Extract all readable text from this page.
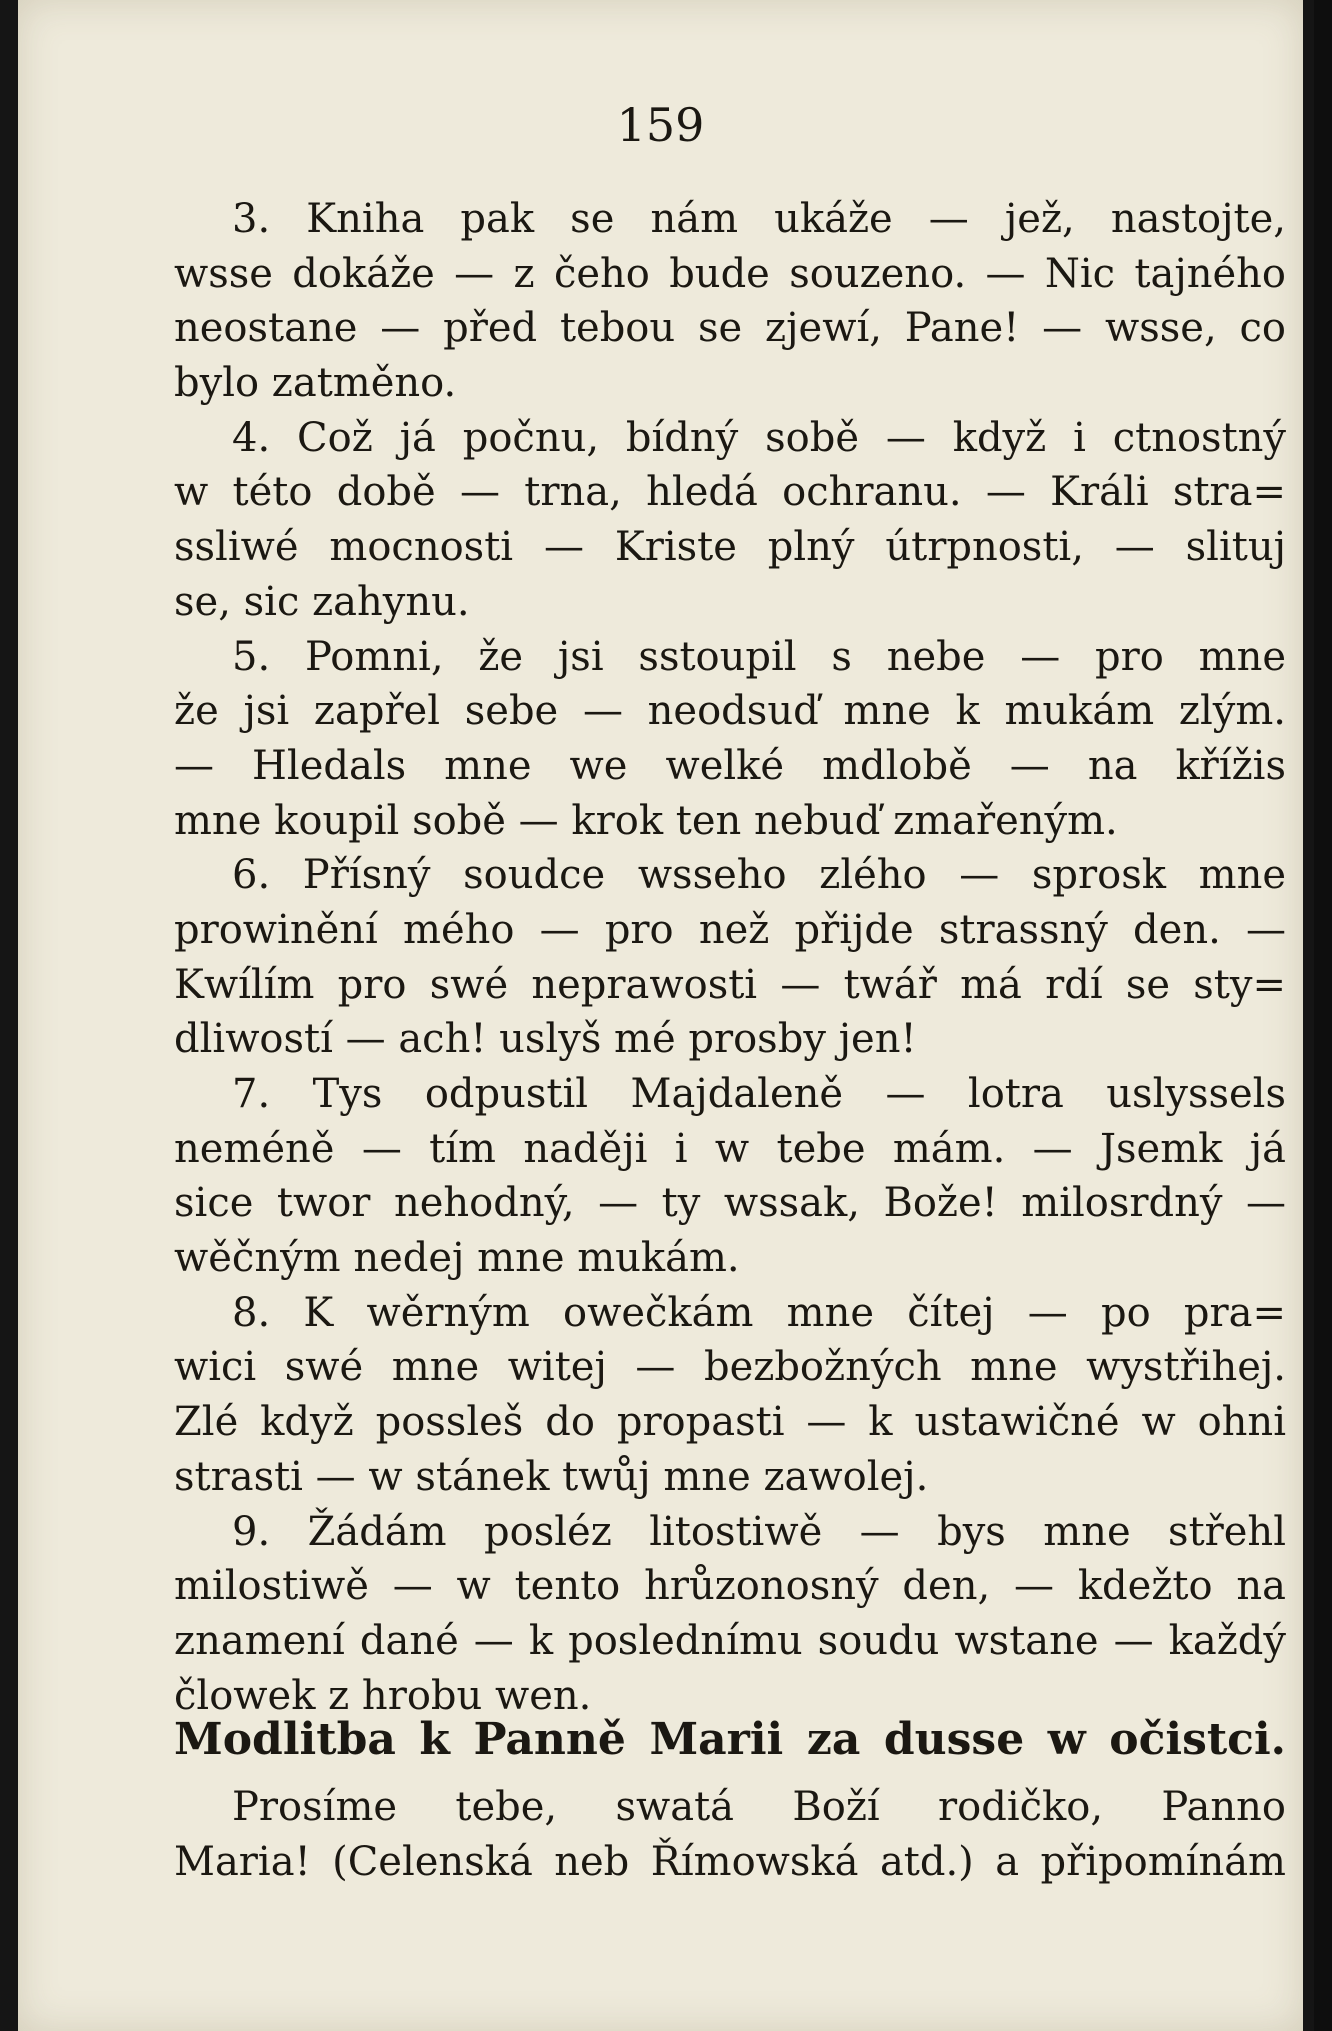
159
3. Kniha pak se nám ukáže — jež, nastojte,
wsse dokáže — z čeho bude souzeno. — Nic tajného
neostane — před tebou se zjewí, Pane! — wsse, co
bylo zatměno.
4. Což já počnu, bídný sobě — když i ctnostný
w této době — trna, hledá ochranu. — Králi stra=
ssliwé mocnosti — Kriste plný útrpnosti, — slituj
se, sic zahynu.
5. Pomni, že jsi sstoupil s nebe — pro mne
že jsi zapřel sebe — neodsuď mne k mukám zlým.
— Hledals mne we welké mdlobě — na křížis
mne koupil sobě — krok ten nebuď zmařeným.
6. Přísný soudce wsseho zlého — sprosk mne
prowinění mého — pro než přijde strassný den. —
Kwílím pro swé neprawosti — twář má rdí se sty=
dliwostí — ach! uslyš mé prosby jen!
7. Tys odpustil Majdaleně — lotra uslyssels
neméně — tím naději i w tebe mám. — Jsemk já
sice twor nehodný, — ty wssak, Bože! milosrdný —
wěčným nedej mne mukám.
8. K wěrným owečkám mne čítej — po pra=
wici swé mne witej — bezbožných mne wystřihej.
Zlé když possleš do propasti — k ustawičné w ohni
strasti — w stánek twůj mne zawolej.
9. Žádám posléz litostiwě — bys mne střehl
milostiwě — w tento hrůzonosný den, — kdežto na
znamení dané — k poslednímu soudu wstane — každý
člowek z hrobu wen.
Modlitba k Panně Marii za dusse w očistci.
Prosíme tebe, swatá Boží rodičko, Panno
Maria! (Celenská neb Římowská atd.) a připomínám
